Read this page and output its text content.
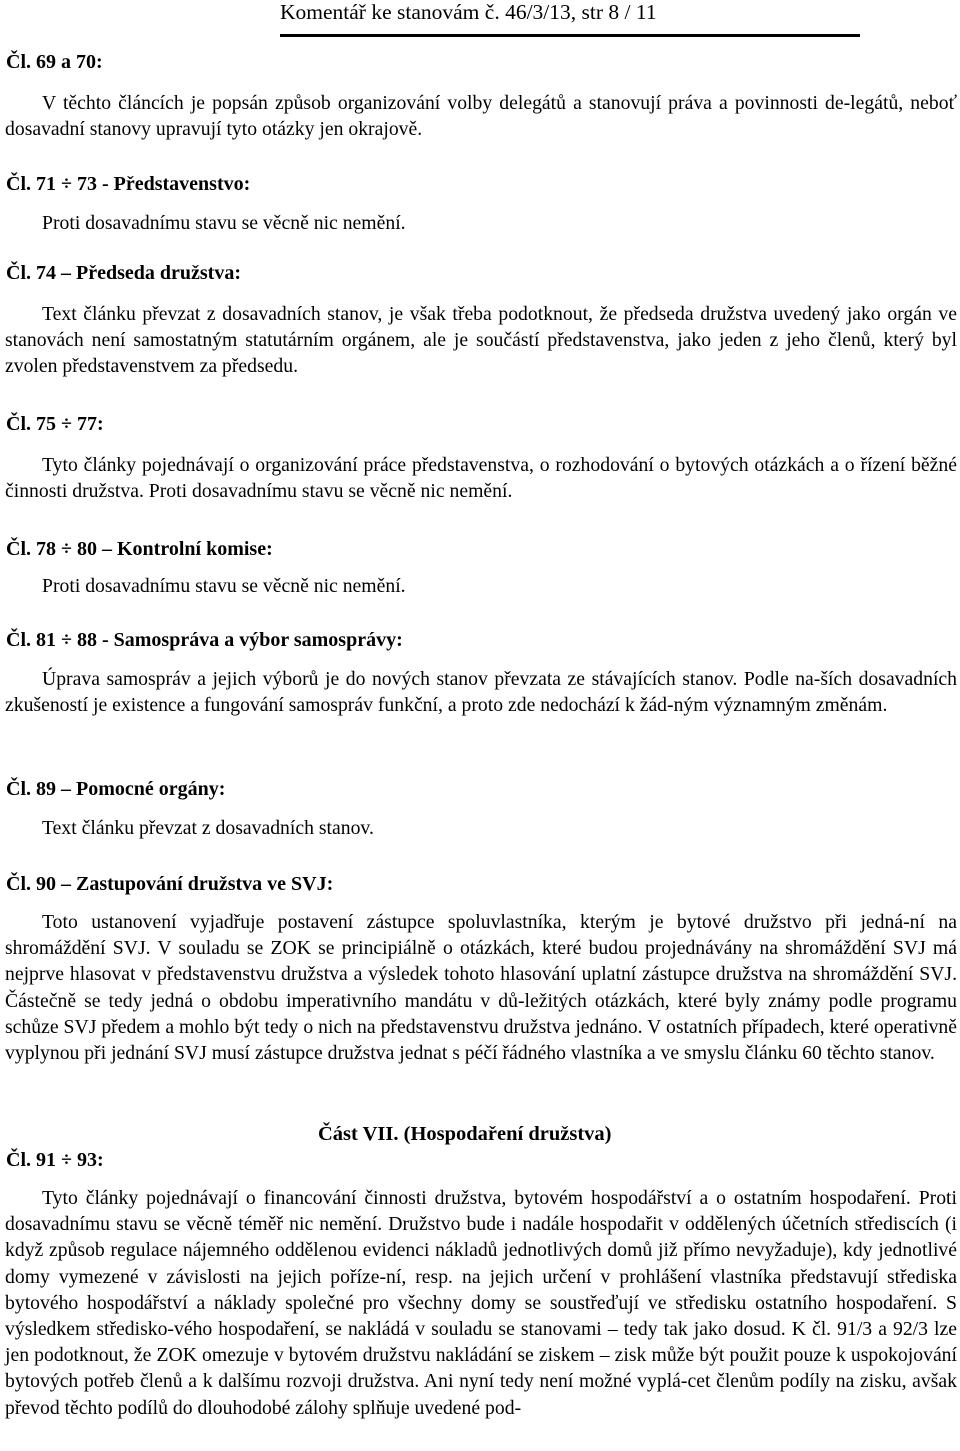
Komentář ke stanovám č. 46/3/13, str 8 / 11
Čl. 69 a 70:
V těchto článcích je popsán způsob organizování volby delegátů a stanovují práva a povinnosti de-legátů, neboť dosavadní stanovy upravují tyto otázky jen okrajově.
Čl. 71 ÷ 73 - Představenstvo:
Proti dosavadnímu stavu se věcně nic nemění.
Čl. 74 – Předseda družstva:
Text článku převzat z dosavadních stanov, je však třeba podotknout, že předseda družstva uvedený jako orgán ve stanovách není samostatným statutárním orgánem, ale je součástí představenstva, jako jeden z jeho členů, který byl zvolen představenstvem za předsedu.
Čl. 75 ÷ 77:
Tyto články pojednávají o organizování práce představenstva, o rozhodování o bytových otázkách a o řízení běžné činnosti družstva. Proti dosavadnímu stavu se věcně nic nemění.
Čl. 78 ÷ 80 – Kontrolní komise:
Proti dosavadnímu stavu se věcně nic nemění.
Čl. 81 ÷ 88 - Samospráva a výbor samosprávy:
Úprava samospráv a jejich výborů je do nových stanov převzata ze stávajících stanov. Podle na-ších dosavadních zkušeností je existence a fungování samospráv funkční, a proto zde nedochází k žád-ným významným změnám.
Čl. 89 – Pomocné orgány:
Text článku převzat z dosavadních stanov.
Čl. 90 – Zastupování družstva ve SVJ:
Toto ustanovení vyjadřuje postavení zástupce spoluvlastníka, kterým je bytové družstvo při jedná-ní na shromáždění SVJ. V souladu se ZOK se principiálně o otázkách, které budou projednávány na shromáždění SVJ má nejprve hlasovat v představenstvu družstva a výsledek tohoto hlasování uplatní zástupce družstva na shromáždění SVJ. Částečně se tedy jedná o obdobu imperativního mandátu v dů-ležitých otázkách, které byly známy podle programu schůze SVJ předem a mohlo být tedy o nich na představenstvu družstva jednáno. V ostatních případech, které operativně vyplynou při jednání SVJ musí zástupce družstva jednat s péčí řádného vlastníka a ve smyslu článku 60 těchto stanov.
Část VII. (Hospodaření družstva)
Čl. 91 ÷ 93:
Tyto články pojednávají o financování činnosti družstva, bytovém hospodářství a o ostatním hospodaření. Proti dosavadnímu stavu se věcně téměř nic nemění. Družstvo bude i nadále hospodařit v oddělených účetních střediscích (i když způsob regulace nájemného oddělenou evidenci nákladů jednotlivých domů již přímo nevyžaduje), kdy jednotlivé domy vymezené v závislosti na jejich poříze-ní, resp. na jejich určení v prohlášení vlastníka představují střediska bytového hospodářství a náklady společné pro všechny domy se soustřeďují ve středisku ostatního hospodaření. S výsledkem středisko-vého hospodaření, se nakládá v souladu se stanovami – tedy tak jako dosud. K čl. 91/3 a 92/3 lze jen podotknout, že ZOK omezuje v bytovém družstvu nakládání se ziskem – zisk může být použit pouze k uspokojování bytových potřeb členů a k dalšímu rozvoji družstva. Ani nyní tedy není možné vyplá-cet členům podíly na zisku, avšak převod těchto podílů do dlouhodobé zálohy splňuje uvedené pod-
